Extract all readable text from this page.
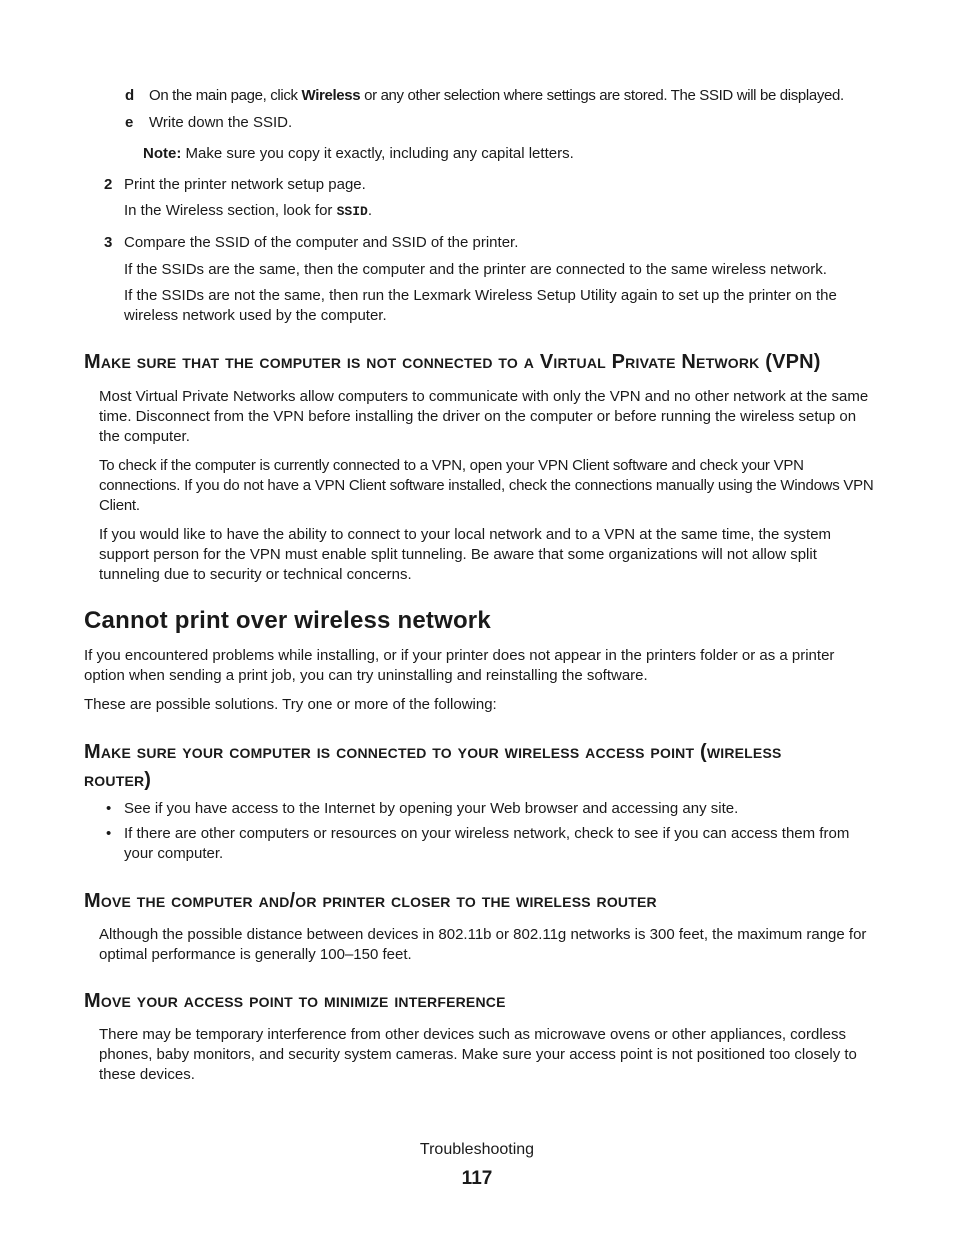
d On the main page, click Wireless or any other selection where settings are stored. The SSID will be displayed.
e Write down the SSID.
Note: Make sure you copy it exactly, including any capital letters.
2 Print the printer network setup page.
In the Wireless section, look for SSID.
3 Compare the SSID of the computer and SSID of the printer.
If the SSIDs are the same, then the computer and the printer are connected to the same wireless network.
If the SSIDs are not the same, then run the Lexmark Wireless Setup Utility again to set up the printer on the wireless network used by the computer.
Make sure that the computer is not connected to a Virtual Private Network (VPN)
Most Virtual Private Networks allow computers to communicate with only the VPN and no other network at the same time. Disconnect from the VPN before installing the driver on the computer or before running the wireless setup on the computer.
To check if the computer is currently connected to a VPN, open your VPN Client software and check your VPN connections. If you do not have a VPN Client software installed, check the connections manually using the Windows VPN Client.
If you would like to have the ability to connect to your local network and to a VPN at the same time, the system support person for the VPN must enable split tunneling. Be aware that some organizations will not allow split tunneling due to security or technical concerns.
Cannot print over wireless network
If you encountered problems while installing, or if your printer does not appear in the printers folder or as a printer option when sending a print job, you can try uninstalling and reinstalling the software.
These are possible solutions. Try one or more of the following:
Make sure your computer is connected to your wireless access point (wireless router)
• See if you have access to the Internet by opening your Web browser and accessing any site.
• If there are other computers or resources on your wireless network, check to see if you can access them from your computer.
Move the computer and/or printer closer to the wireless router
Although the possible distance between devices in 802.11b or 802.11g networks is 300 feet, the maximum range for optimal performance is generally 100–150 feet.
Move your access point to minimize interference
There may be temporary interference from other devices such as microwave ovens or other appliances, cordless phones, baby monitors, and security system cameras. Make sure your access point is not positioned too closely to these devices.
Troubleshooting
117
